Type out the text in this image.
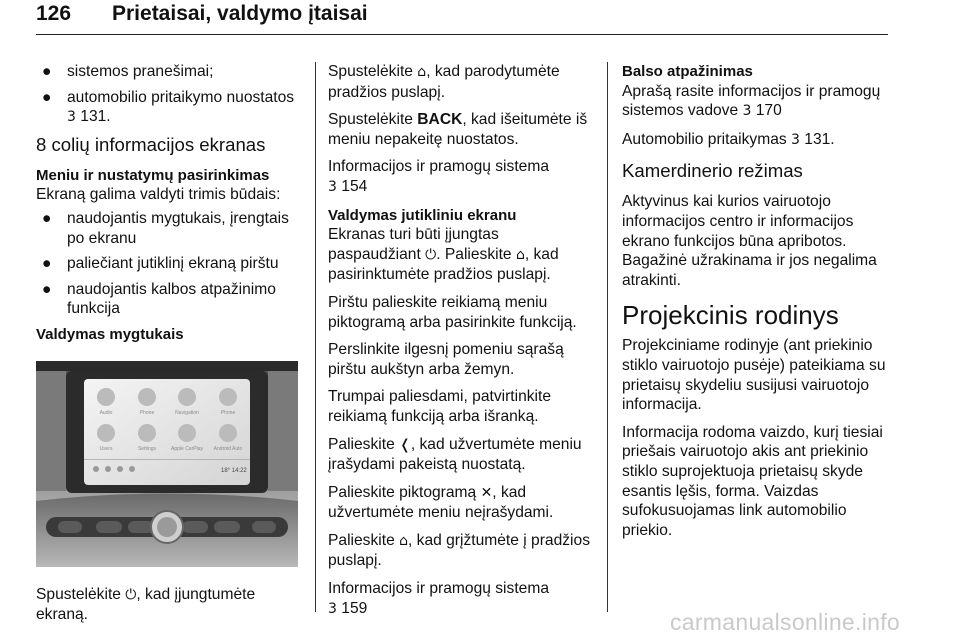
126 Prietaisai, valdymo įtaisai
● sistemos pranešimai;
● automobilio pritaikymo nuostatos
3 131.
8 colių informacijos ekranas
Meniu ir nustatymų pasirinkimas

Ekraną galima valdyti trimis būdais:

● naudojantis mygtukais, įrengtais po ekranu
● paliečiant jutiklinį ekraną pirštu
● naudojantis kalbos atpažinimo funkcija
Valdymas mygtukais
Audio	Phone	Navigation	Phone
Users	Settings	Apple CarPlay Android Auto
18° 14:22

Spustelėkite ⏻, kad įjungtumėte ekraną.

Spustelėkite ⌂, kad parodytumėte pradžios puslapį.

Spustelėkite BACK, kad išeitumėte iš meniu nepakeitę nuostatos.

Informacijos ir pramogų sistema
3 154

Valdymas jutikliniu ekranu

Ekranas turi būti įjungtas paspaudžiant ⏻. Palieskite ⌂, kad pasirinktumėte pradžios puslapį.

Pirštu palieskite reikiamą meniu piktogramą arba pasirinkite funkciją.

Perslinkite ilgesnį pomeniu sąrašą pirštu aukštyn arba žemyn.

Trumpai paliesdami, patvirtinkite reikiamą funkciją arba išranką.

Palieskite ❬, kad užvertumėte meniu įrašydami pakeistą nuostatą.

Palieskite piktogramą ✕, kad užvertumėte meniu neįrašydami.

Palieskite ⌂, kad grįžtumėte į pradžios puslapį.

Informacijos ir pramogų sistema
3 159

Balso atpažinimas

Aprašą rasite informacijos ir pramogų sistemos vadove 3 170

Automobilio pritaikymas 3 131.

Kamerdinerio režimas

Aktyvinus kai kurios vairuotojo informacijos centro ir informacijos ekrano funkcijos būna apribotos. Bagažinė užrakinama ir jos negalima atrakinti.

Projekcinis rodinys

Projekciniame rodinyje (ant priekinio stiklo vairuotojo pusėje) pateikiama su prietaisų skydeliu susijusi vairuotojo informacija.

Informacija rodoma vaizdo, kurį tiesiai priešais vairuotojo akis ant priekinio stiklo suprojektuoja prietaisų skyde esantis lęšis, forma. Vaizdas sufokusuojamas link automobilio priekio.

carmanualsonline.info
